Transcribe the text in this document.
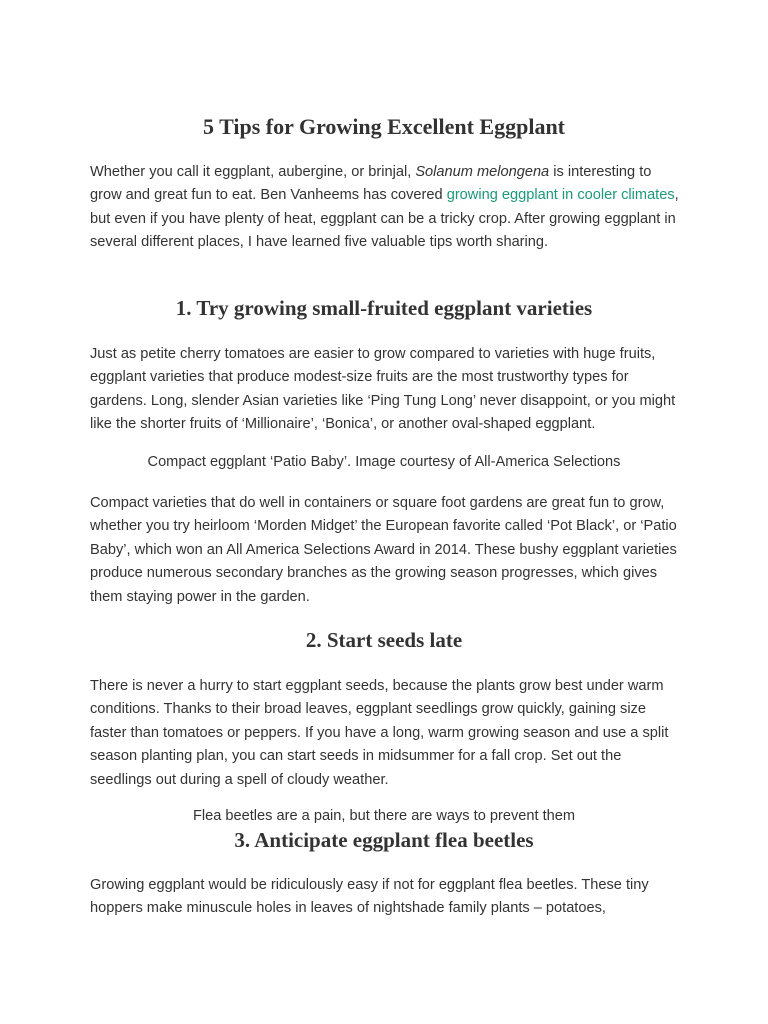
5 Tips for Growing Excellent Eggplant

Whether you call it eggplant, aubergine, or brinjal, Solanum melongena is interesting to grow and great fun to eat. Ben Vanheems has covered growing eggplant in cooler climates, but even if you have plenty of heat, eggplant can be a tricky crop. After growing eggplant in several different places, I have learned five valuable tips worth sharing.

1. Try growing small-fruited eggplant varieties

Just as petite cherry tomatoes are easier to grow compared to varieties with huge fruits, eggplant varieties that produce modest-size fruits are the most trustworthy types for gardens. Long, slender Asian varieties like ‘Ping Tung Long’ never disappoint, or you might like the shorter fruits of ‘Millionaire’, ‘Bonica’, or another oval-shaped eggplant.

Compact eggplant ‘Patio Baby’. Image courtesy of All-America Selections

Compact varieties that do well in containers or square foot gardens are great fun to grow, whether you try heirloom ‘Morden Midget’ the European favorite called ‘Pot Black’, or ‘Patio Baby’, which won an All America Selections Award in 2014. These bushy eggplant varieties produce numerous secondary branches as the growing season progresses, which gives them staying power in the garden.

2. Start seeds late

There is never a hurry to start eggplant seeds, because the plants grow best under warm conditions. Thanks to their broad leaves, eggplant seedlings grow quickly, gaining size faster than tomatoes or peppers. If you have a long, warm growing season and use a split season planting plan, you can start seeds in midsummer for a fall crop. Set out the seedlings out during a spell of cloudy weather.

Flea beetles are a pain, but there are ways to prevent them
3. Anticipate eggplant flea beetles

Growing eggplant would be ridiculously easy if not for eggplant flea beetles. These tiny hoppers make minuscule holes in leaves of nightshade family plants – potatoes,
